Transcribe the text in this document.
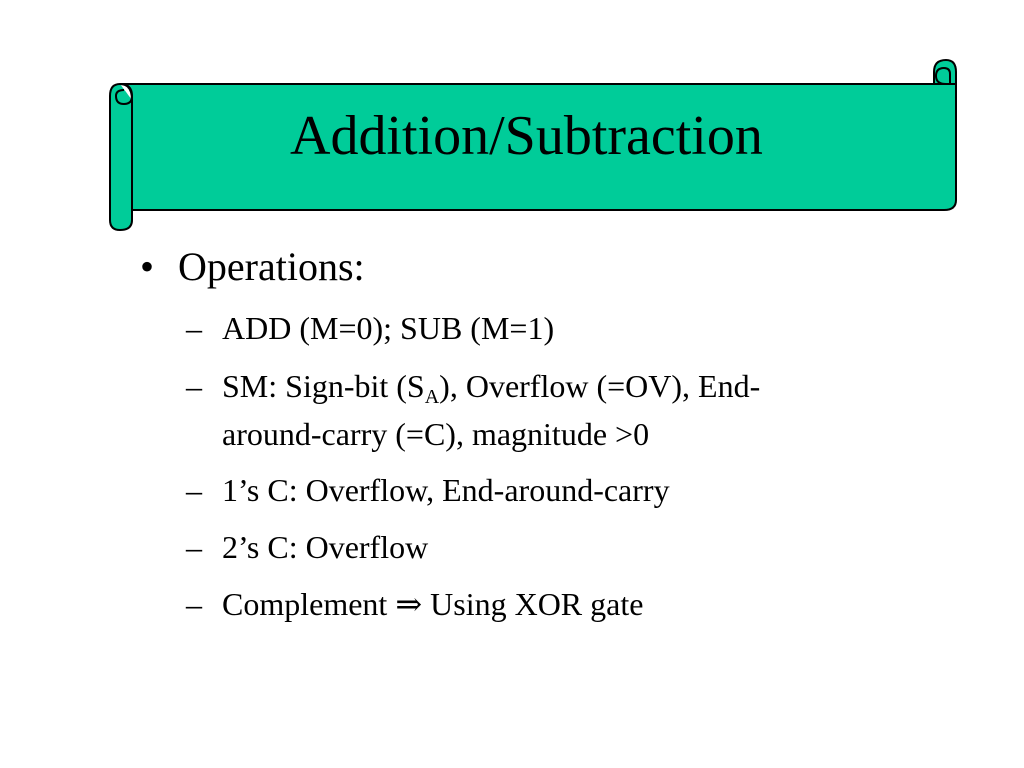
Addition/Subtraction
• Operations:
– ADD (M=0); SUB (M=1)
– SM: Sign-bit $(S_A)$, Overflow (=OV), End-
around-carry (=C), magnitude >0
– 1’s C: Overflow, End-around-carry
– 2’s C: Overflow
– Complement ⇒ Using XOR gate
